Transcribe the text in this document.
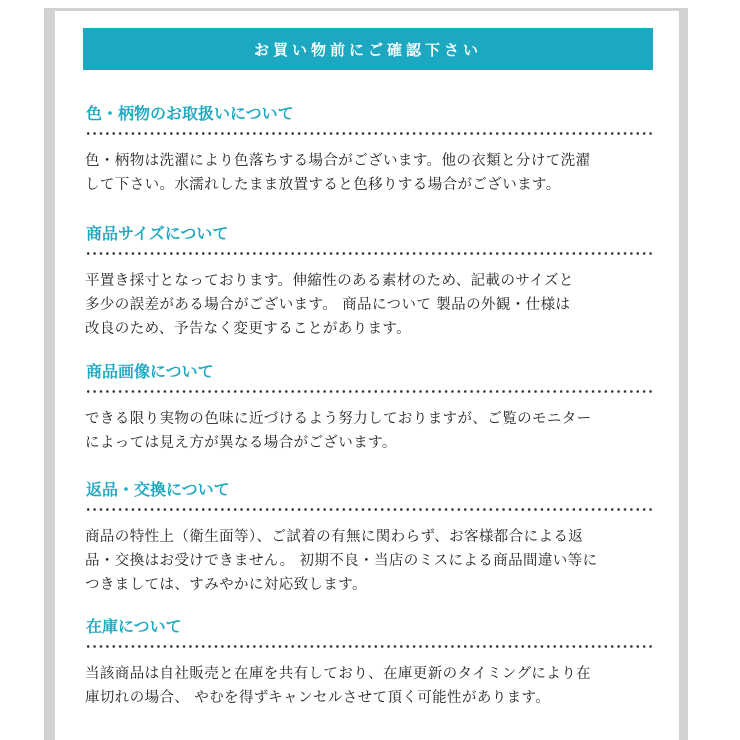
お買い物前にご確認下さい
色・柄物のお取扱いについて
色・柄物は洗濯により色落ちする場合がございます。他の衣類と分けて洗濯
して下さい。水濡れしたまま放置すると色移りする場合がございます。
商品サイズについて
平置き採寸となっております。伸縮性のある素材のため、記載のサイズと
多少の誤差がある場合がございます。 商品について 製品の外観・仕様は
改良のため、予告なく変更することがあります。
商品画像について
できる限り実物の色味に近づけるよう努力しておりますが、ご覧のモニター
によっては見え方が異なる場合がございます。
返品・交換について
商品の特性上（衛生面等）、ご試着の有無に関わらず、お客様都合による返
品・交換はお受けできません。 初期不良・当店のミスによる商品間違い等に
つきましては、すみやかに対応致します。
在庫について
当該商品は自社販売と在庫を共有しており、在庫更新のタイミングにより在
庫切れの場合、 やむを得ずキャンセルさせて頂く可能性があります。
